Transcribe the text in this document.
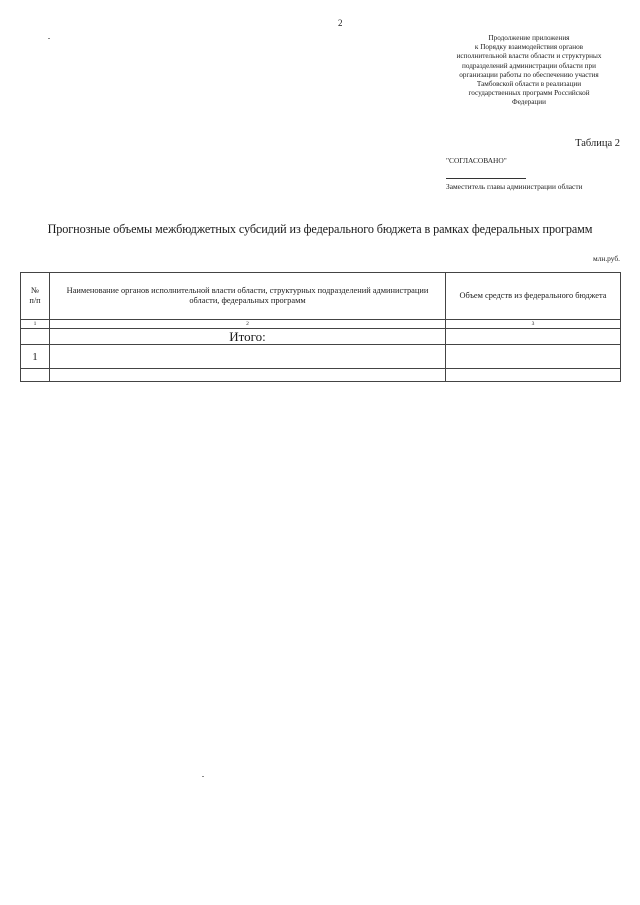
2
Продолжение приложения
к Порядку взаимодействия органов
исполнительной власти области и структурных
подразделений администрации области при
организации работы по обеспечению участия
Тамбовской области в реализации
государственных программ Российской
Федерации
Таблица 2
"СОГЛАСОВАНО"
Заместитель главы администрации области
Прогнозные объемы межбюджетных субсидий из федерального бюджета в рамках федеральных программ
млн.руб.
№ п/п	Наименование органов исполнительной власти области, структурных подразделений администрации области, федеральных программ	Объем средств из федерального бюджета
1	2	3
	Итого:	
1		
